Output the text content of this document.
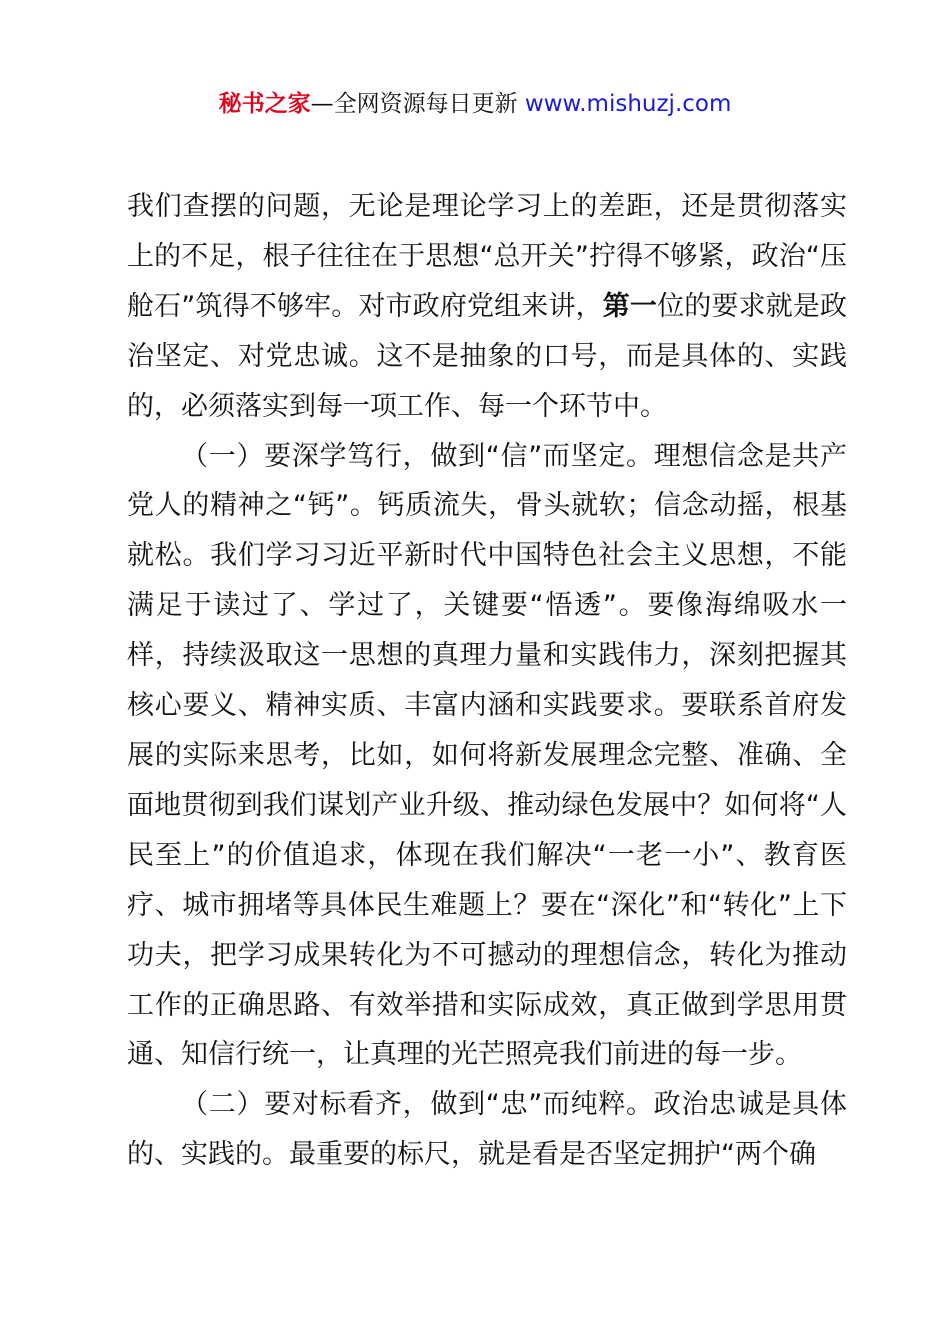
秘书之家—全网资源每日更新 www.mishuzj.com

我们查摆的问题，无论是理论学习上的差距，还是贯彻落实上的不足，根子往往在于思想“总开关”拧得不够紧，政治“压舱石”筑得不够牢。对市政府党组来讲，第一位的要求就是政治坚定、对党忠诚。这不是抽象的口号，而是具体的、实践的，必须落实到每一项工作、每一个环节中。

（一）要深学笃行，做到“信”而坚定。理想信念是共产党人的精神之“钙”。钙质流失，骨头就软；信念动摇，根基就松。我们学习习近平新时代中国特色社会主义思想，不能满足于读过了、学过了，关键要“悟透”。要像海绵吸水一样，持续汲取这一思想的真理力量和实践伟力，深刻把握其核心要义、精神实质、丰富内涵和实践要求。要联系首府发展的实际来思考，比如，如何将新发展理念完整、准确、全面地贯彻到我们谋划产业升级、推动绿色发展中？如何将“人民至上”的价值追求，体现在我们解决“一老一小”、教育医疗、城市拥堵等具体民生难题上？要在“深化”和“转化”上下功夫，把学习成果转化为不可撼动的理想信念，转化为推动工作的正确思路、有效举措和实际成效，真正做到学思用贯通、知信行统一，让真理的光芒照亮我们前进的每一步。

（二）要对标看齐，做到“忠”而纯粹。政治忠诚是具体的、实践的。最重要的标尺，就是看是否坚定拥护“两个确
